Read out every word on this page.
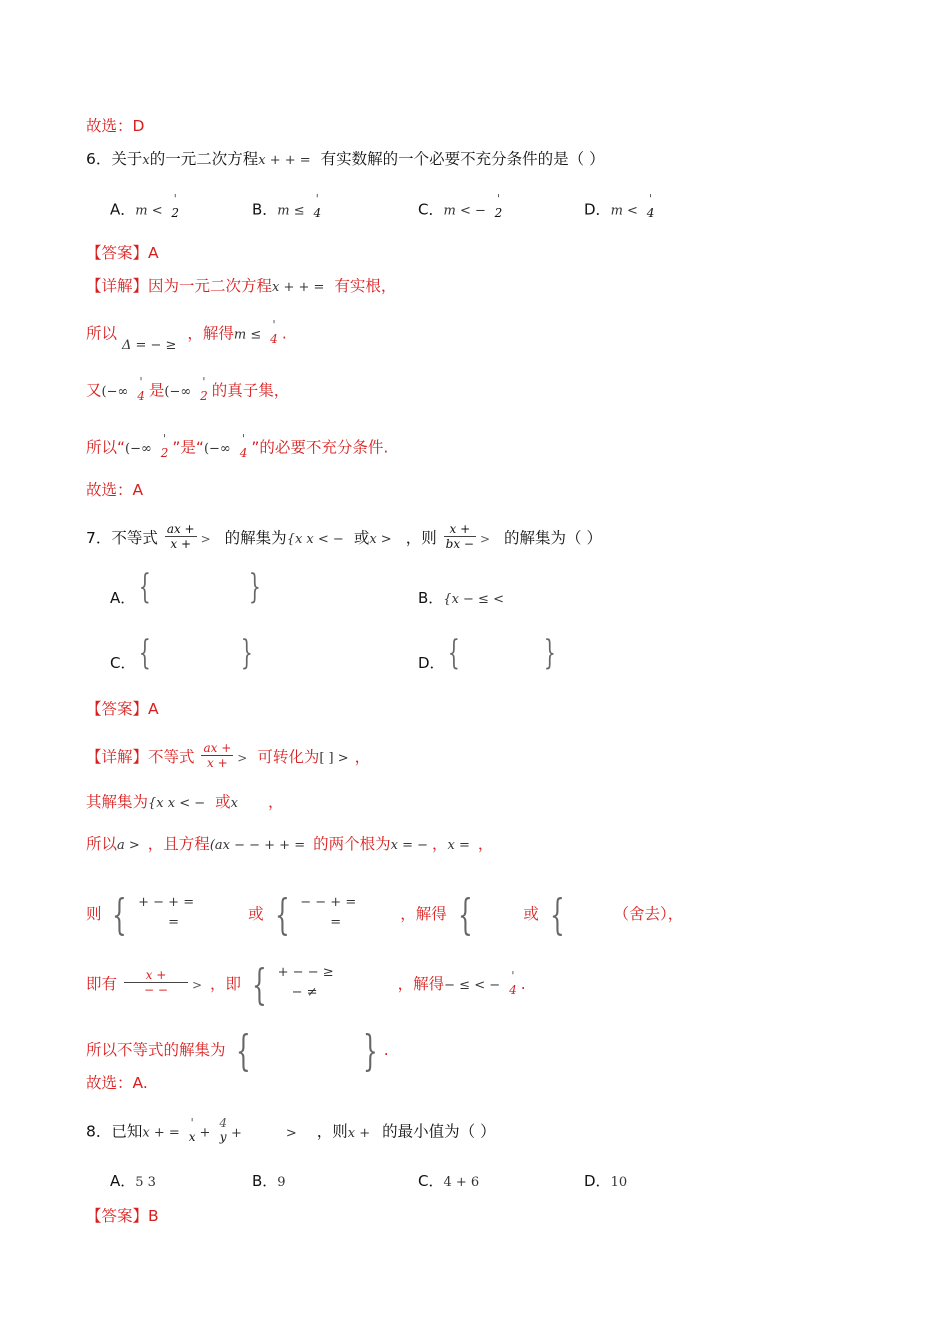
故选：D
6．关于x的一元二次方程x + + = 有实数解的一个必要不充分条件的是（ ）
A．m <
'
2	B．m ≤
'
4	C．m < −
'
2	D．m <
'
4
【答案】A
【详解】因为一元二次方程x + + = 有实根，
所以 $_{\Delta = - \ge}$ ，解得m ≤
'
4 .
又(−∞
'
4 是(−∞
'
2 的真子集，
所以“(−∞
'
2 ”是“(−∞
'
4 ”的必要不充分条件.
故选：A
7．不等式 $\frac{ax +}{x +}$ > 的解集为{x x < − 或x > ，则 $\frac{x +}{bx -}$ > 的解集为（ ）
A． {	}	B．{x − ≤ <
C． {	}	D． { }
【答案】A
【详解】不等式 $\frac{ax +}{x +}$ > 可转化为[ ] > ，
其解集为{x x < − 或x ，
所以a > ，且方程(ax − − + + = 的两个根为x = − ，x = ，
则 { + − + =
=	或 { − − + =
=	，解得 {	或 {	（舍去），
即有 $\frac{x +}{- -}$ > ，即 { + − − ≥
− ≠	，解得− ≤ < −
'
4 .
所以不等式的解集为 {	} .
故选：A.
8．已知x + =
'
x +
4
y +	> ，则x + 的最小值为（ ）
A．5 3	B．9	C．4 + 6	D．10
【答案】B
